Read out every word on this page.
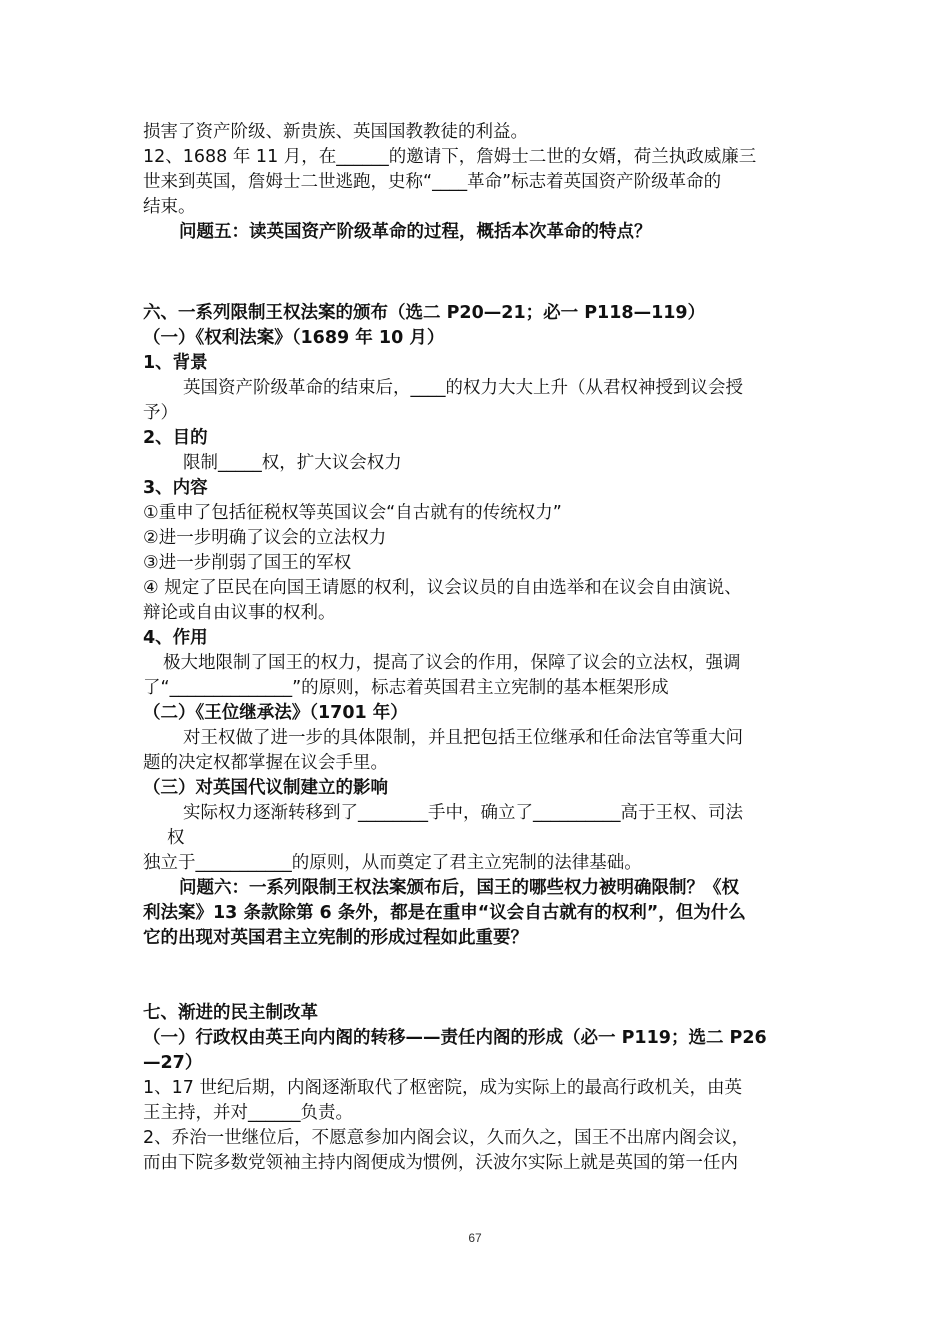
损害了资产阶级、新贵族、英国国教教徒的利益。
12、1688 年 11 月，在______的邀请下，詹姆士二世的女婿，荷兰执政威廉三
世来到英国，詹姆士二世逃跑，史称“____革命”标志着英国资产阶级革命的
结束。
问题五：读英国资产阶级革命的过程，概括本次革命的特点？
六、一系列限制王权法案的颁布（选二 P20—21；必一 P118—119）
（一）《权利法案》（1689 年 10 月）
1、背景
英国资产阶级革命的结束后，____的权力大大上升（从君权神授到议会授
予）
2、目的
限制_____权，扩大议会权力
3、内容
①重申了包括征税权等英国议会“自古就有的传统权力”
②进一步明确了议会的立法权力
③进一步削弱了国王的军权
④ 规定了臣民在向国王请愿的权利，议会议员的自由选举和在议会自由演说、
辩论或自由议事的权利。
4、作用
极大地限制了国王的权力，提高了议会的作用，保障了议会的立法权，强调
了“______________”的原则，标志着英国君主立宪制的基本框架形成
（二）《王位继承法》（1701 年）
对王权做了进一步的具体限制，并且把包括王位继承和任命法官等重大问
题的决定权都掌握在议会手里。
（三）对英国代议制建立的影响
实际权力逐渐转移到了________手中，确立了__________高于王权、司法
权
独立于___________的原则，从而奠定了君主立宪制的法律基础。
问题六：一系列限制王权法案颁布后，国王的哪些权力被明确限制？《权
利法案》13 条款除第 6 条外，都是在重申“议会自古就有的权利”，但为什么
它的出现对英国君主立宪制的形成过程如此重要？
七、渐进的民主制改革
（一）行政权由英王向内阁的转移——责任内阁的形成（必一 P119；选二 P26
—27）
1、17 世纪后期，内阁逐渐取代了枢密院，成为实际上的最高行政机关，由英
王主持，并对______负责。
2、乔治一世继位后，不愿意参加内阁会议，久而久之，国王不出席内阁会议，
而由下院多数党领袖主持内阁便成为惯例，沃波尔实际上就是英国的第一任内
67
